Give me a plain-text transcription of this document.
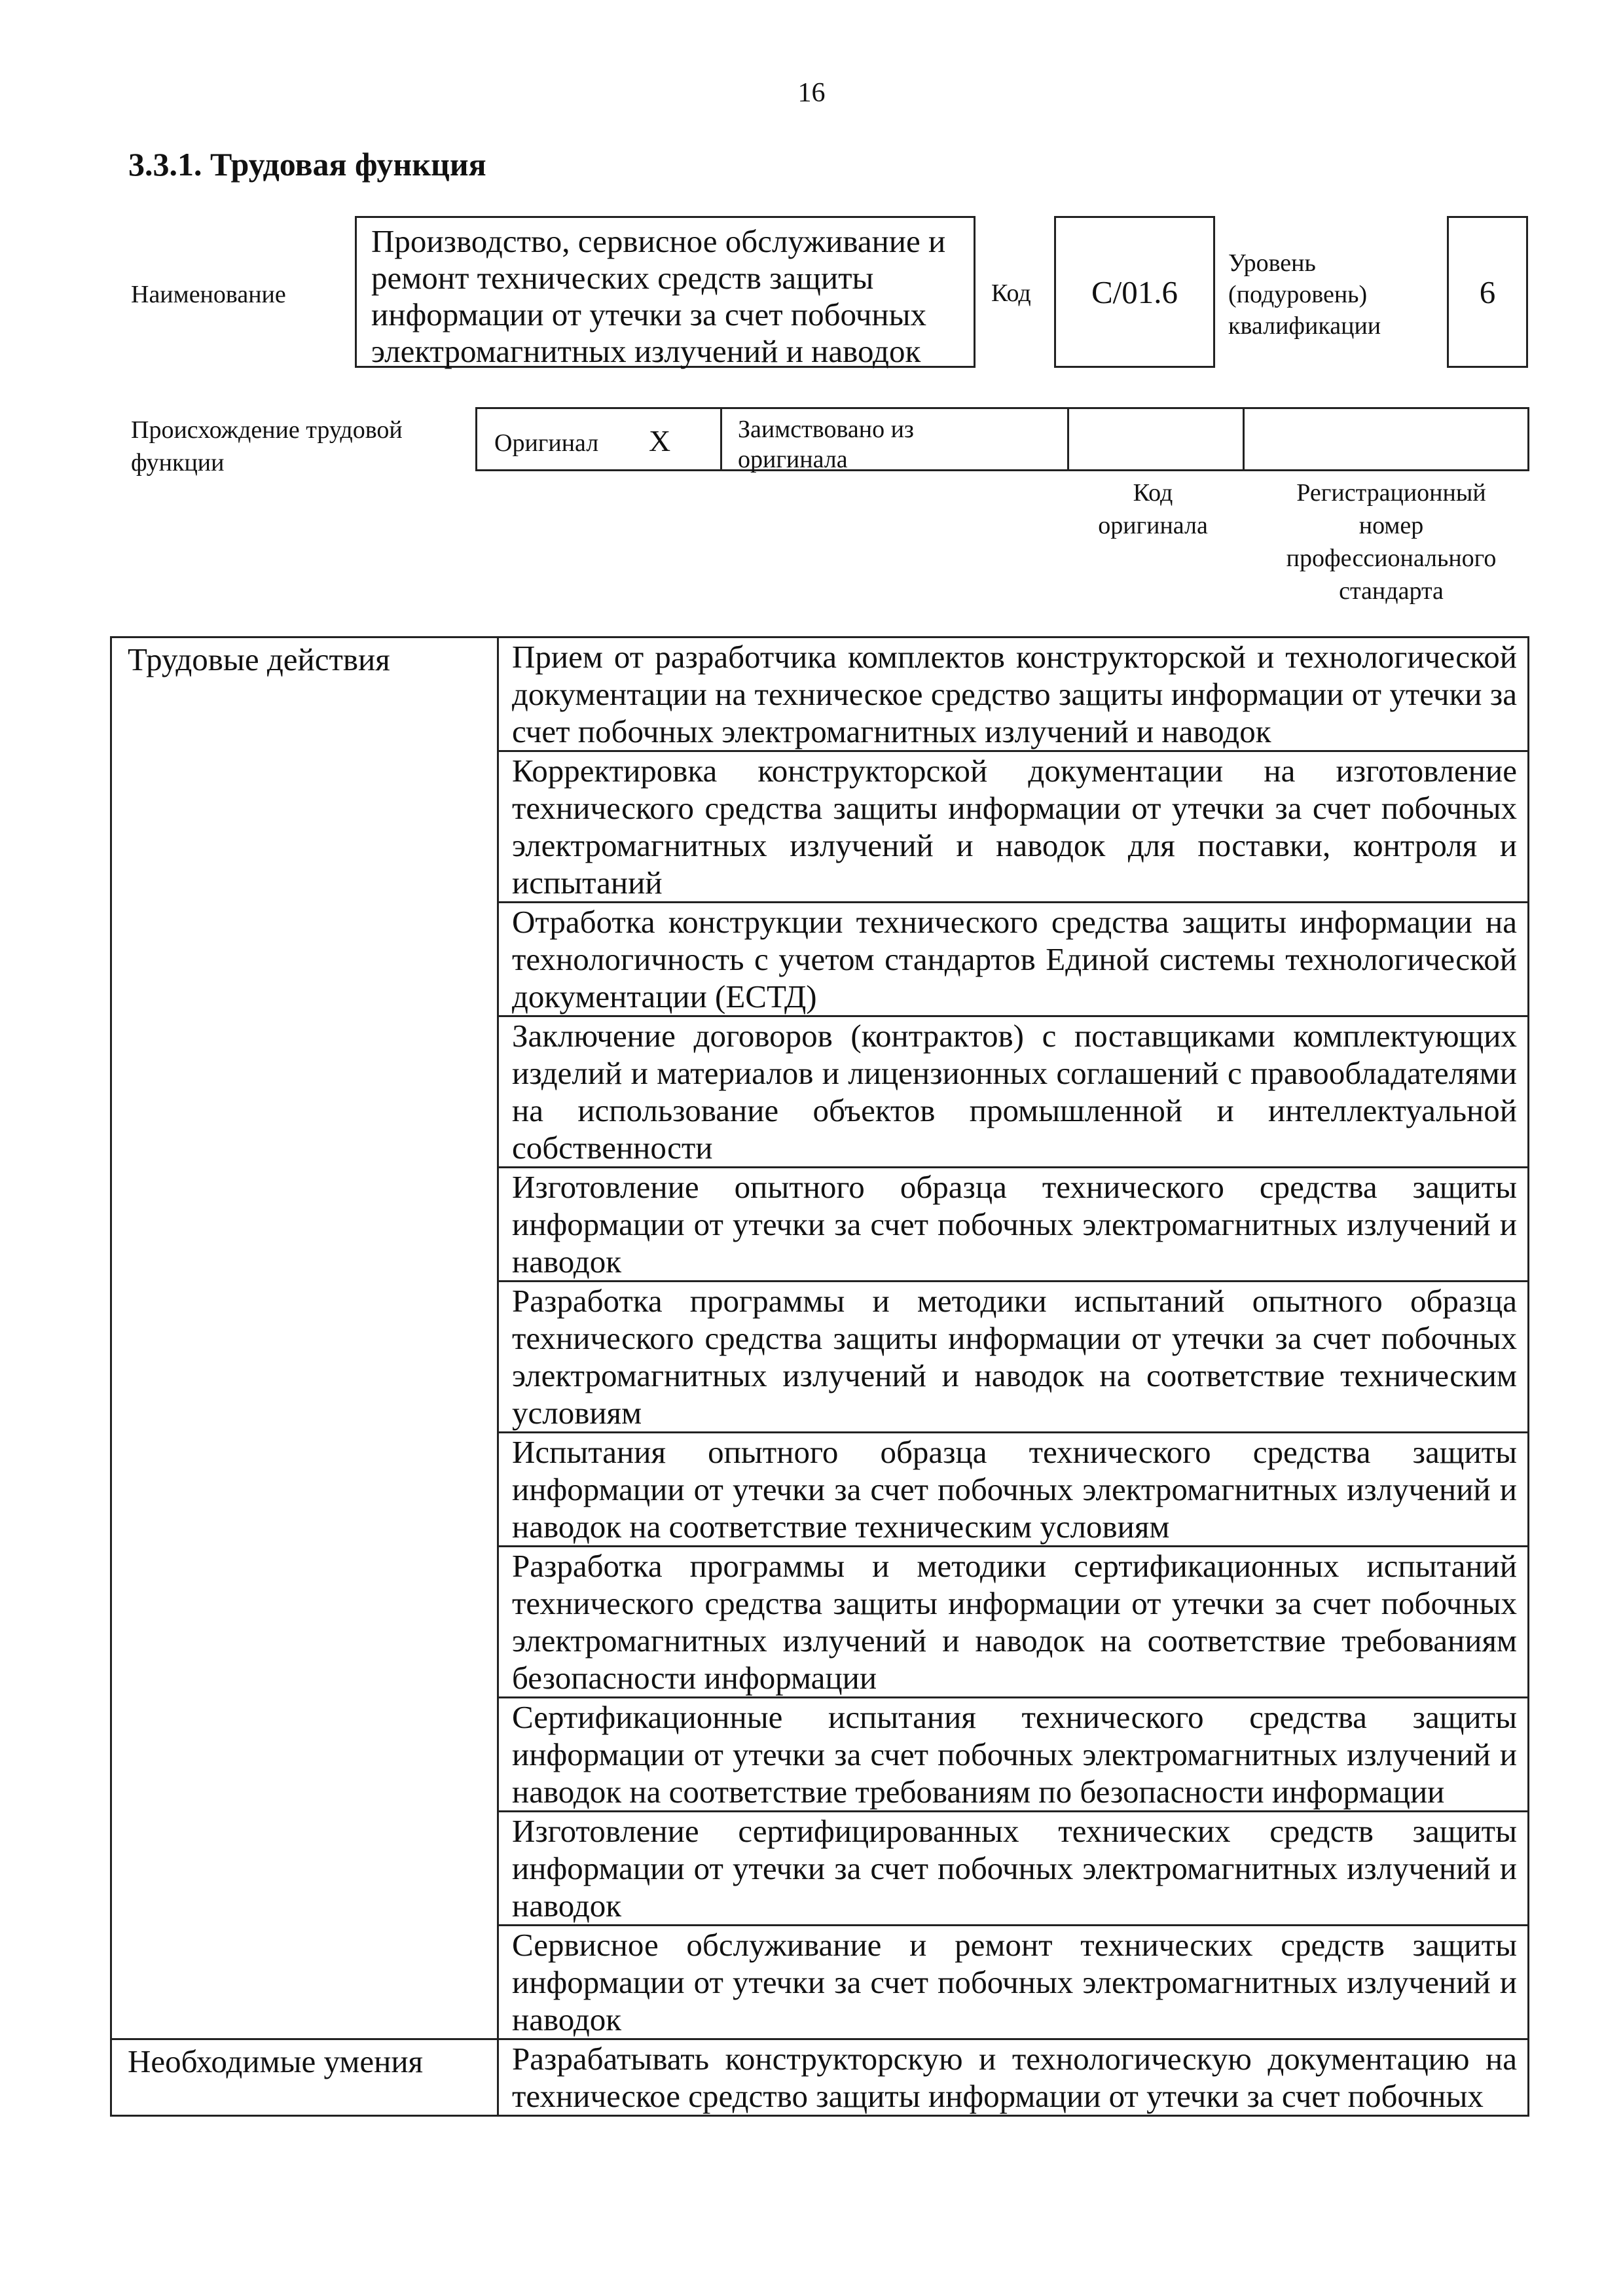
16
3.3.1. Трудовая функция
Наименование
Производство, сервисное обслуживание и
ремонт технических средств защиты
информации от утечки за счет побочных
электромагнитных излучений и наводок
Код C/01.6
Уровень
(подуровень)
квалификации
6
Происхождение трудовой
функции
Оригинал X	Заимствовано из
оригинала
Код
оригинала
Регистрационный
номер
профессионального
стандарта
Трудовые действия	Прием от разработчика комплектов конструкторской и технологической документации на техническое средство защиты информации от утечки за счет побочных электромагнитных излучений и наводок
	Корректировка конструкторской документации на изготовление технического средства защиты информации от утечки за счет побочных электромагнитных излучений и наводок для поставки, контроля и испытаний
	Отработка конструкции технического средства защиты информации на технологичность с учетом стандартов Единой системы технологической документации (ЕСТД)
	Заключение договоров (контрактов) с поставщиками комплектующих изделий и материалов и лицензионных соглашений с правообладателями на использование объектов промышленной и интеллектуальной собственности
	Изготовление опытного образца технического средства защиты информации от утечки за счет побочных электромагнитных излучений и наводок
	Разработка программы и методики испытаний опытного образца технического средства защиты информации от утечки за счет побочных электромагнитных излучений и наводок на соответствие техническим условиям
	Испытания опытного образца технического средства защиты информации от утечки за счет побочных электромагнитных излучений и наводок на соответствие техническим условиям
	Разработка программы и методики сертификационных испытаний технического средства защиты информации от утечки за счет побочных электромагнитных излучений и наводок на соответствие требованиям безопасности информации
	Сертификационные испытания технического средства защиты информации от утечки за счет побочных электромагнитных излучений и наводок на соответствие требованиям по безопасности информации
	Изготовление сертифицированных технических средств защиты информации от утечки за счет побочных электромагнитных излучений и наводок
	Сервисное обслуживание и ремонт технических средств защиты информации от утечки за счет побочных электромагнитных излучений и наводок
Необходимые умения	Разрабатывать конструкторскую и технологическую документацию на техническое средство защиты информации от утечки за счет побочных
